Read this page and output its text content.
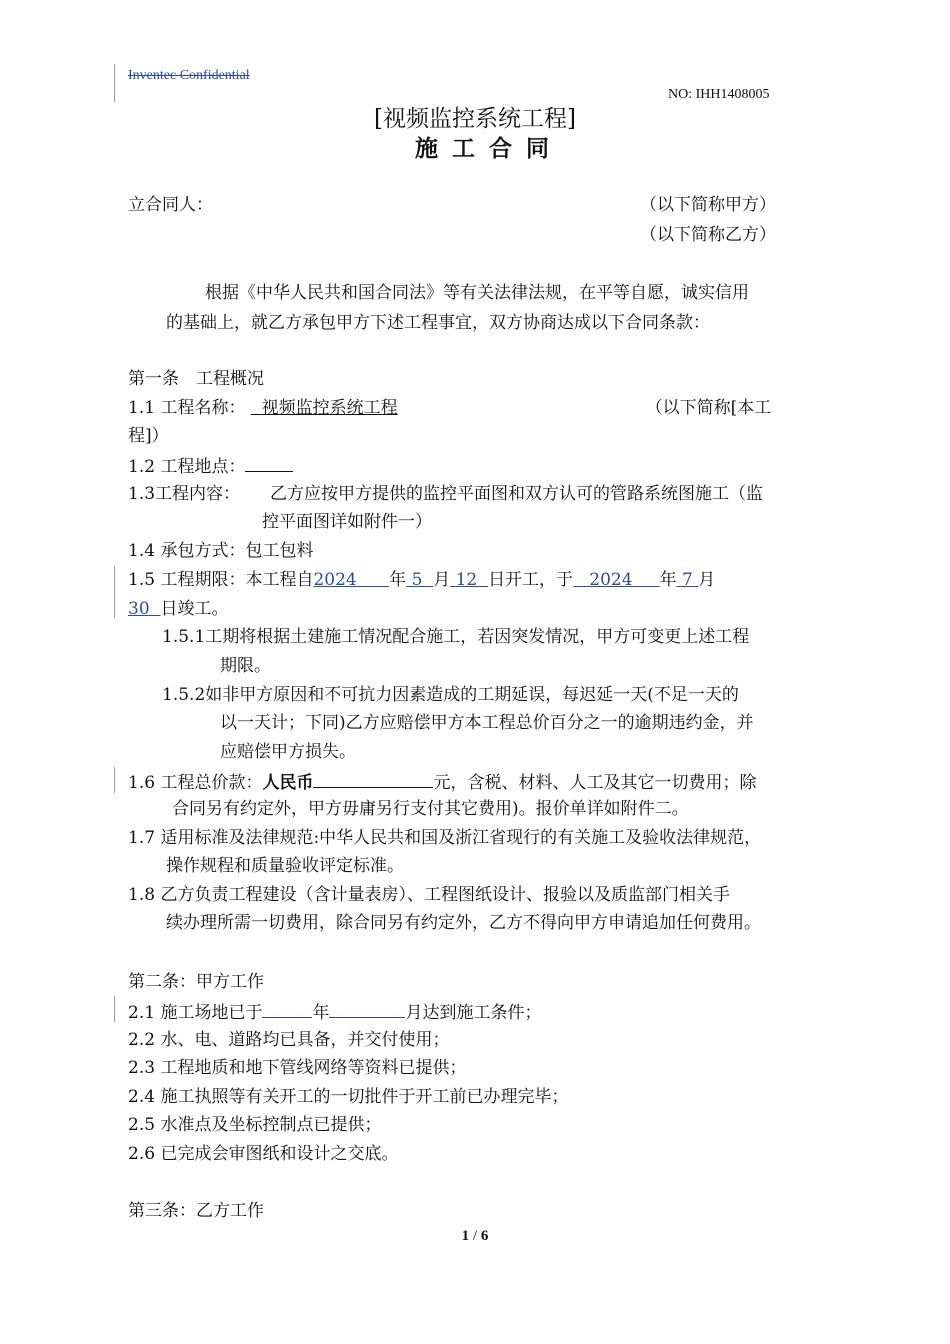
Inventec Confidential
NO: IHH1408005
[视频监控系统工程]
施工合同
立合同人：	（以下简称甲方）
（以下简称乙方）
根据《中华人民共和国合同法》等有关法律法规，在平等自愿，诚实信用
的基础上，就乙方承包甲方下述工程事宜，双方协商达成以下合同条款：
第一条　工程概况
1.1 工程名称： 视频监控系统工程	（以下简称[本工
程]）
1.2 工程地点：
1.3工程内容： 乙方应按甲方提供的监控平面图和双方认可的管路系统图施工（监
控平面图详如附件一）
1.4 承包方式：包工包料
1.5 工程期限：本工程自2024 年 5 月 12 日开工，于 2024 年 7 月
30 日竣工。
1.5.1工期将根据土建施工情况配合施工，若因突发情况，甲方可变更上述工程
期限。
1.5.2如非甲方原因和不可抗力因素造成的工期延误，每迟延一天(不足一天的
以一天计；下同)乙方应赔偿甲方本工程总价百分之一的逾期违约金，并
应赔偿甲方损失。
1.6 工程总价款：人民币	元，含税、材料、人工及其它一切费用；除
合同另有约定外，甲方毋庸另行支付其它费用)。报价单详如附件二。
1.7 适用标准及法律规范:中华人民共和国及浙江省现行的有关施工及验收法律规范，
操作规程和质量验收评定标准。
1.8 乙方负责工程建设（含计量表房）、工程图纸设计、报验以及质监部门相关手
续办理所需一切费用，除合同另有约定外，乙方不得向甲方申请追加任何费用。
第二条：甲方工作
2.1 施工场地已于	年	月达到施工条件；
2.2 水、电、道路均已具备，并交付使用；
2.3 工程地质和地下管线网络等资料已提供；
2.4 施工执照等有关开工的一切批件于开工前已办理完毕；
2.5 水准点及坐标控制点已提供；
2.6 已完成会审图纸和设计之交底。
第三条：乙方工作
1 / 6
